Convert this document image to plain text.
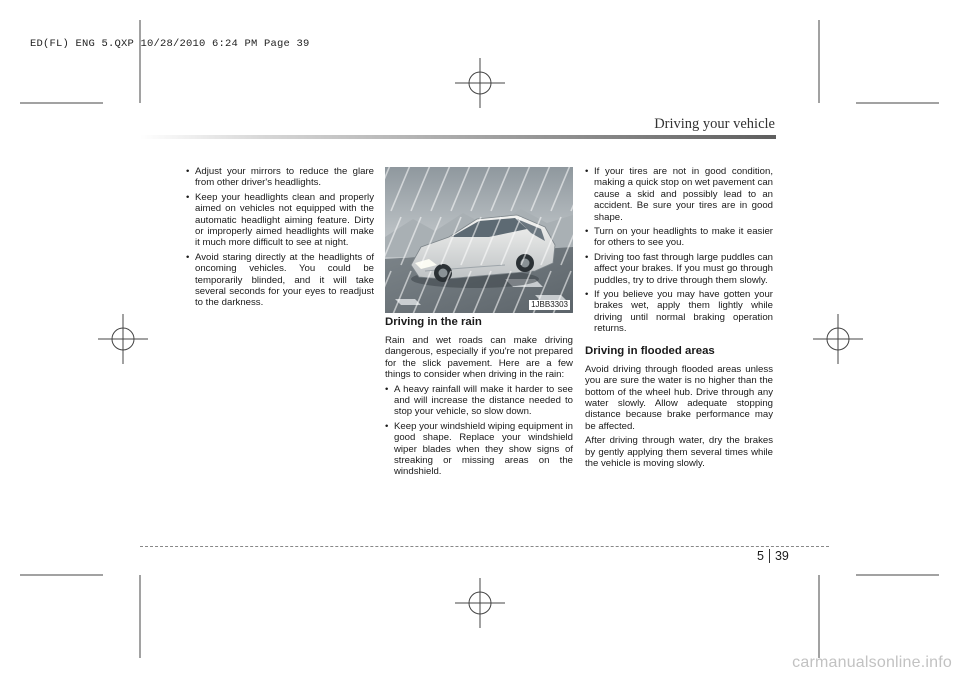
ED(FL) ENG 5.QXP 10/28/2010 6:24 PM Page 39
Driving your vehicle
• Adjust your mirrors to reduce the glare from other driver's headlights.
• Keep your headlights clean and properly aimed on vehicles not equipped with the automatic headlight aiming feature. Dirty or improperly aimed headlights will make it much more difficult to see at night.
• Avoid staring directly at the headlights of oncoming vehicles. You could be temporarily blinded, and it will take several seconds for your eyes to readjust to the darkness.	1JBB3303
Driving in the rain

Rain and wet roads can make driving dangerous, especially if you're not prepared for the slick pavement. Here are a few things to consider when driving in the rain:

• A heavy rainfall will make it harder to see and will increase the distance needed to stop your vehicle, so slow down.
• Keep your windshield wiping equipment in good shape. Replace your windshield wiper blades when they show signs of streaking or missing areas on the windshield.
• If your tires are not in good condition, making a quick stop on wet pavement can cause a skid and possibly lead to an accident. Be sure your tires are in good shape.
• Turn on your headlights to make it easier for others to see you.
• Driving too fast through large puddles can affect your brakes. If you must go through puddles, try to drive through them slowly.
• If you believe you may have gotten your brakes wet, apply them lightly while driving until normal braking operation returns.
Driving in flooded areas

Avoid driving through flooded areas unless you are sure the water is no higher than the bottom of the wheel hub. Drive through any water slowly. Allow adequate stopping distance because brake performance may be affected.

After driving through water, dry the brakes by gently applying them several times while the vehicle is moving slowly.

5 39
carmanualsonline.info
